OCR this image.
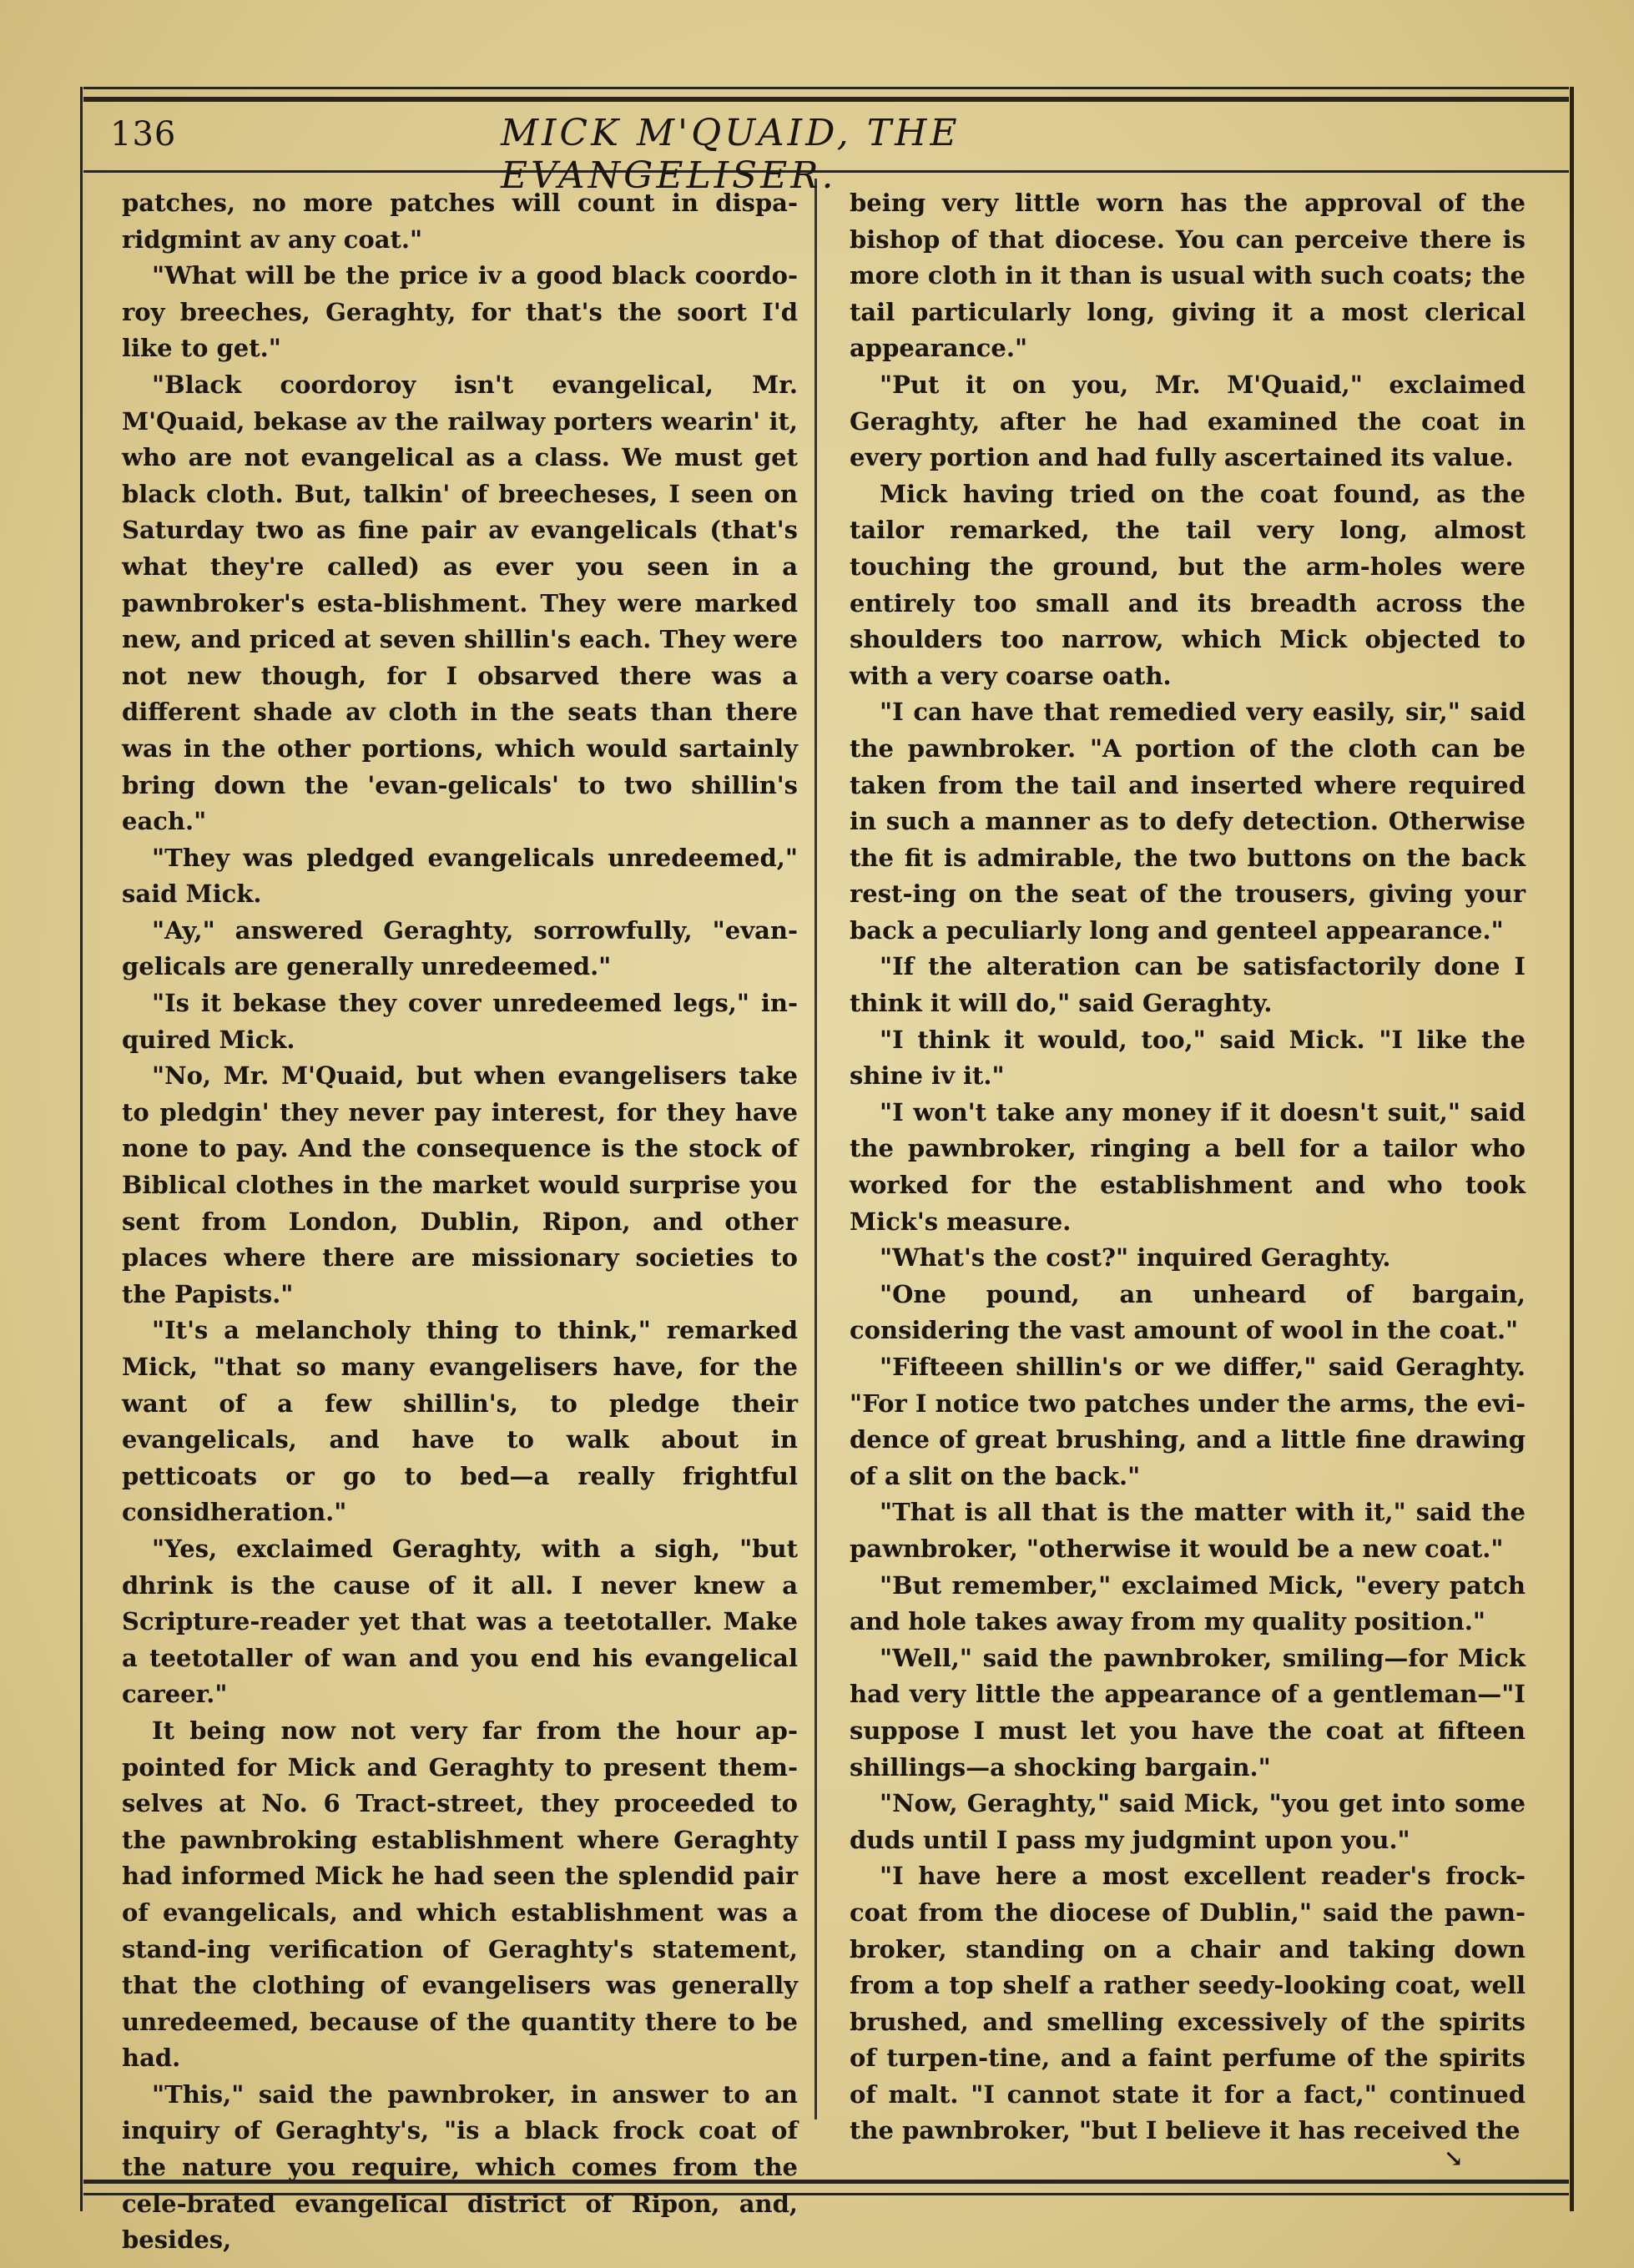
136	MICK M'QUAID, THE EVANGELISER.

patches, no more patches will count in dispa-ridgmint av any coat."

"What will be the price iv a good black coordo-roy breeches, Geraghty, for that's the soort I'd like to get."

"Black coordoroy isn't evangelical, Mr. M'Quaid, bekase av the railway porters wearin' it, who are not evangelical as a class. We must get black cloth. But, talkin' of breecheses, I seen on Saturday two as fine pair av evangelicals (that's what they're called) as ever you seen in a pawnbroker's esta-blishment. They were marked new, and priced at seven shillin's each. They were not new though, for I obsarved there was a different shade av cloth in the seats than there was in the other portions, which would sartainly bring down the 'evan-gelicals' to two shillin's each."

"They was pledged evangelicals unredeemed," said Mick.

"Ay," answered Geraghty, sorrowfully, "evan-gelicals are generally unredeemed."

"Is it bekase they cover unredeemed legs," in-quired Mick.

"No, Mr. M'Quaid, but when evangelisers take to pledgin' they never pay interest, for they have none to pay. And the consequence is the stock of Biblical clothes in the market would surprise you sent from London, Dublin, Ripon, and other places where there are missionary societies to the Papists."

"It's a melancholy thing to think," remarked Mick, "that so many evangelisers have, for the want of a few shillin's, to pledge their evangelicals, and have to walk about in petticoats or go to bed—a really frightful considheration."

"Yes, exclaimed Geraghty, with a sigh, "but dhrink is the cause of it all. I never knew a Scripture-reader yet that was a teetotaller. Make a teetotaller of wan and you end his evangelical career."

It being now not very far from the hour ap-pointed for Mick and Geraghty to present them-selves at No. 6 Tract-street, they proceeded to the pawnbroking establishment where Geraghty had informed Mick he had seen the splendid pair of evangelicals, and which establishment was a stand-ing verification of Geraghty's statement, that the clothing of evangelisers was generally unredeemed, because of the quantity there to be had.

"This," said the pawnbroker, in answer to an inquiry of Geraghty's, "is a black frock coat of the nature you require, which comes from the cele-brated evangelical district of Ripon, and, besides,

being very little worn has the approval of the bishop of that diocese. You can perceive there is more cloth in it than is usual with such coats; the tail particularly long, giving it a most clerical appearance."

"Put it on you, Mr. M'Quaid," exclaimed Geraghty, after he had examined the coat in every portion and had fully ascertained its value.

Mick having tried on the coat found, as the tailor remarked, the tail very long, almost touching the ground, but the arm-holes were entirely too small and its breadth across the shoulders too narrow, which Mick objected to with a very coarse oath.

"I can have that remedied very easily, sir," said the pawnbroker. "A portion of the cloth can be taken from the tail and inserted where required in such a manner as to defy detection. Otherwise the fit is admirable, the two buttons on the back rest-ing on the seat of the trousers, giving your back a peculiarly long and genteel appearance."

"If the alteration can be satisfactorily done I think it will do," said Geraghty.

"I think it would, too," said Mick. "I like the shine iv it."

"I won't take any money if it doesn't suit," said the pawnbroker, ringing a bell for a tailor who worked for the establishment and who took Mick's measure.

"What's the cost?" inquired Geraghty.

"One pound, an unheard of bargain, considering the vast amount of wool in the coat."

"Fifteeen shillin's or we differ," said Geraghty. "For I notice two patches under the arms, the evi-dence of great brushing, and a little fine drawing of a slit on the back."

"That is all that is the matter with it," said the pawnbroker, "otherwise it would be a new coat."

"But remember," exclaimed Mick, "every patch and hole takes away from my quality position."

"Well," said the pawnbroker, smiling—for Mick had very little the appearance of a gentleman—"I suppose I must let you have the coat at fifteen shillings—a shocking bargain."

"Now, Geraghty," said Mick, "you get into some duds until I pass my judgmint upon you."

"I have here a most excellent reader's frock-coat from the diocese of Dublin," said the pawn-broker, standing on a chair and taking down from a top shelf a rather seedy-looking coat, well brushed, and smelling excessively of the spirits of turpen-tine, and a faint perfume of the spirits of malt. "I cannot state it for a fact," continued the pawnbroker, "but I believe it has received the

↘
